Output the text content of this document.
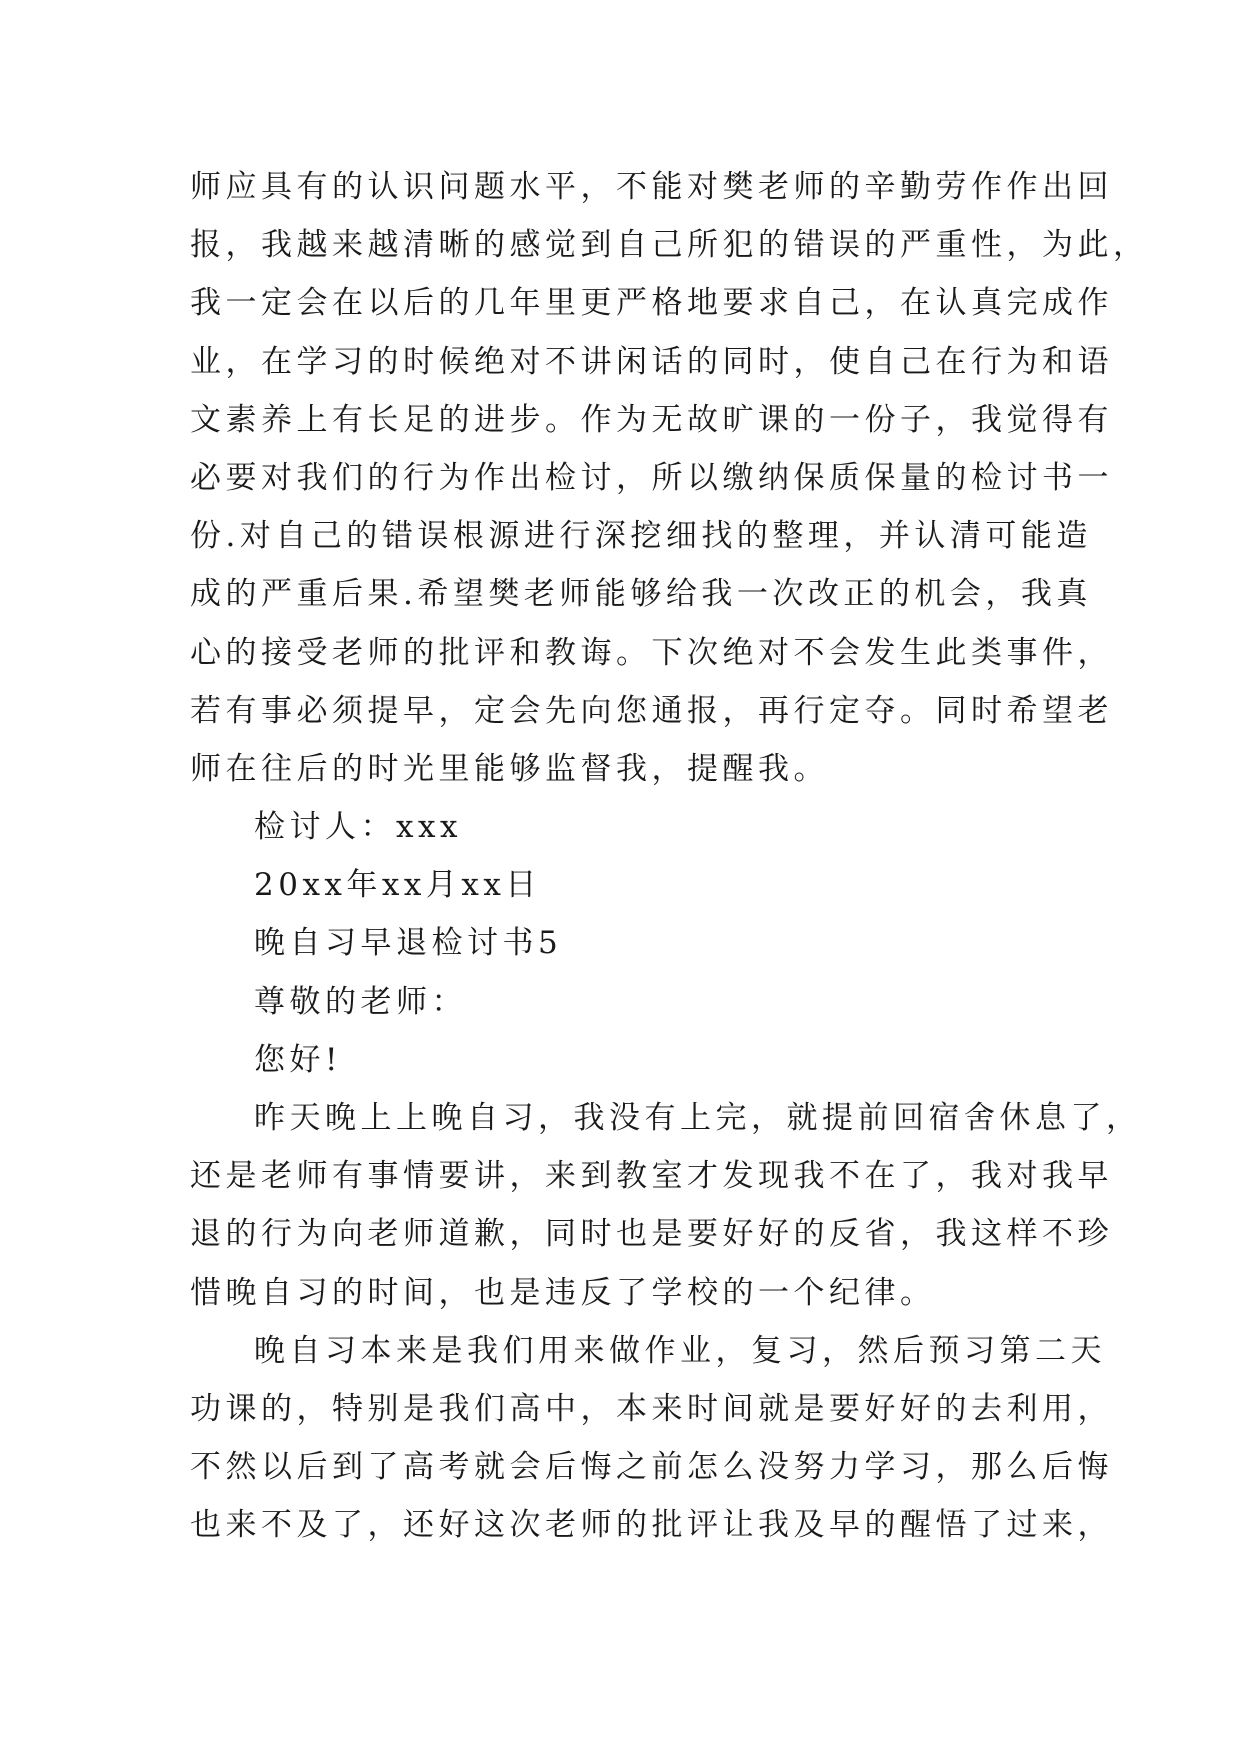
师应具有的认识问题水平，不能对樊老师的辛勤劳作作出回
报，我越来越清晰的感觉到自己所犯的错误的严重性，为此，
我一定会在以后的几年里更严格地要求自己，在认真完成作
业，在学习的时候绝对不讲闲话的同时，使自己在行为和语
文素养上有长足的进步。作为无故旷课的一份子，我觉得有
必要对我们的行为作出检讨，所以缴纳保质保量的检讨书一
份.对自己的错误根源进行深挖细找的整理，并认清可能造
成的严重后果.希望樊老师能够给我一次改正的机会，我真
心的接受老师的批评和教诲。下次绝对不会发生此类事件，
若有事必须提早，定会先向您通报，再行定夺。同时希望老
师在往后的时光里能够监督我，提醒我。
检讨人：xxx
20xx年xx月xx日
晚自习早退检讨书5
尊敬的老师：
您好!
昨天晚上上晚自习，我没有上完，就提前回宿舍休息了，
还是老师有事情要讲，来到教室才发现我不在了，我对我早
退的行为向老师道歉，同时也是要好好的反省，我这样不珍
惜晚自习的时间，也是违反了学校的一个纪律。
晚自习本来是我们用来做作业，复习，然后预习第二天
功课的，特别是我们高中，本来时间就是要好好的去利用，
不然以后到了高考就会后悔之前怎么没努力学习，那么后悔
也来不及了，还好这次老师的批评让我及早的醒悟了过来，
